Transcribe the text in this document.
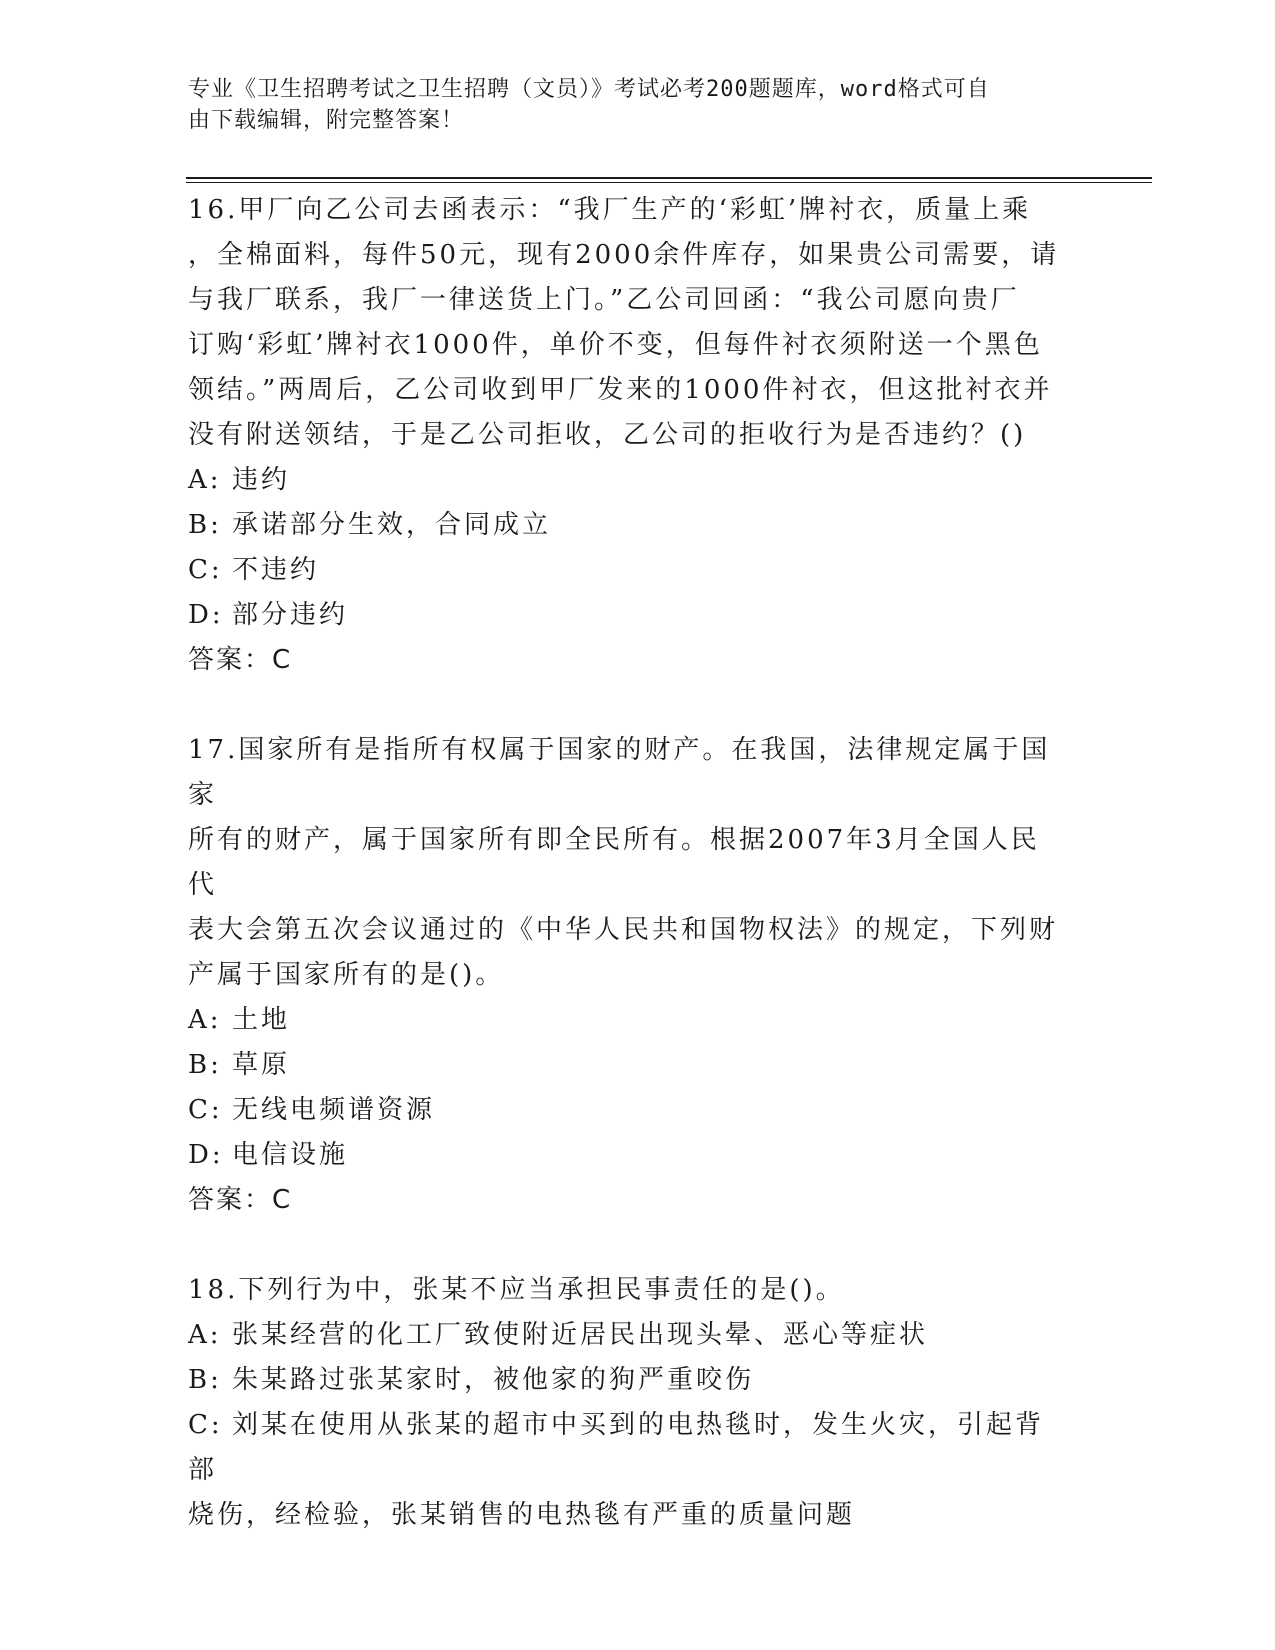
专业《卫生招聘考试之卫生招聘（文员）》考试必考200题题库，word格式可自
由下载编辑，附完整答案！
16.甲厂向乙公司去函表示：“我厂生产的‘彩虹’牌衬衣，质量上乘
，全棉面料，每件50元，现有2000余件库存，如果贵公司需要，请
与我厂联系，我厂一律送货上门。”乙公司回函：“我公司愿向贵厂
订购‘彩虹’牌衬衣1000件，单价不变，但每件衬衣须附送一个黑色
领结。”两周后，乙公司收到甲厂发来的1000件衬衣，但这批衬衣并
没有附送领结，于是乙公司拒收，乙公司的拒收行为是否违约？()
A: 违约
B: 承诺部分生效，合同成立
C: 不违约
D: 部分违约
答案：C
17.国家所有是指所有权属于国家的财产。在我国，法律规定属于国家
所有的财产，属于国家所有即全民所有。根据2007年3月全国人民代
表大会第五次会议通过的《中华人民共和国物权法》的规定，下列财
产属于国家所有的是()。
A: 土地
B: 草原
C: 无线电频谱资源
D: 电信设施
答案：C
18.下列行为中，张某不应当承担民事责任的是()。
A: 张某经营的化工厂致使附近居民出现头晕、恶心等症状
B: 朱某路过张某家时，被他家的狗严重咬伤
C: 刘某在使用从张某的超市中买到的电热毯时，发生火灾，引起背部
烧伤，经检验，张某销售的电热毯有严重的质量问题
